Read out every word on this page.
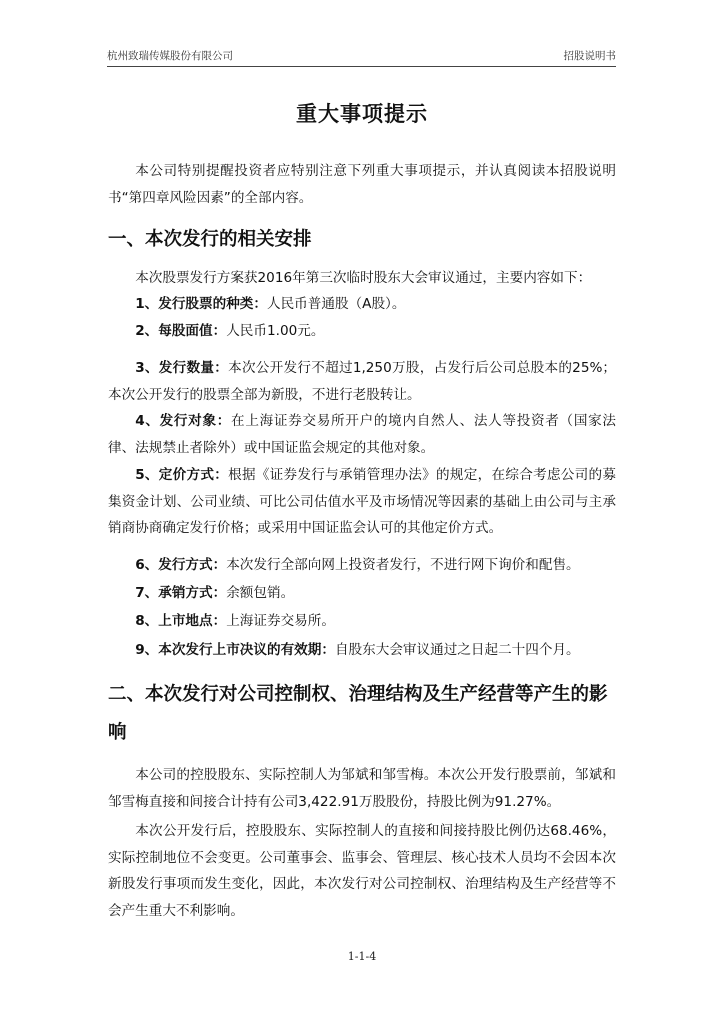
杭州致瑞传媒股份有限公司	招股说明书
重大事项提示

本公司特别提醒投资者应特别注意下列重大事项提示，并认真阅读本招股说明书“第四章风险因素”的全部内容。

一、本次发行的相关安排

本次股票发行方案获2016年第三次临时股东大会审议通过，主要内容如下：

1、发行股票的种类：人民币普通股（A股）。

2、每股面值：人民币1.00元。

3、发行数量：本次公开发行不超过1,250万股，占发行后公司总股本的25%；本次公开发行的股票全部为新股，不进行老股转让。

4、发行对象：在上海证券交易所开户的境内自然人、法人等投资者（国家法律、法规禁止者除外）或中国证监会规定的其他对象。

5、定价方式：根据《证券发行与承销管理办法》的规定，在综合考虑公司的募集资金计划、公司业绩、可比公司估值水平及市场情况等因素的基础上由公司与主承销商协商确定发行价格；或采用中国证监会认可的其他定价方式。

6、发行方式：本次发行全部向网上投资者发行，不进行网下询价和配售。

7、承销方式：余额包销。

8、上市地点：上海证券交易所。

9、本次发行上市决议的有效期：自股东大会审议通过之日起二十四个月。

二、本次发行对公司控制权、治理结构及生产经营等产生的影响

本公司的控股股东、实际控制人为邹斌和邹雪梅。本次公开发行股票前，邹斌和邹雪梅直接和间接合计持有公司3,422.91万股股份，持股比例为91.27%。

本次公开发行后，控股股东、实际控制人的直接和间接持股比例仍达68.46%，实际控制地位不会变更。公司董事会、监事会、管理层、核心技术人员均不会因本次新股发行事项而发生变化，因此，本次发行对公司控制权、治理结构及生产经营等不会产生重大不利影响。

1-1-4
